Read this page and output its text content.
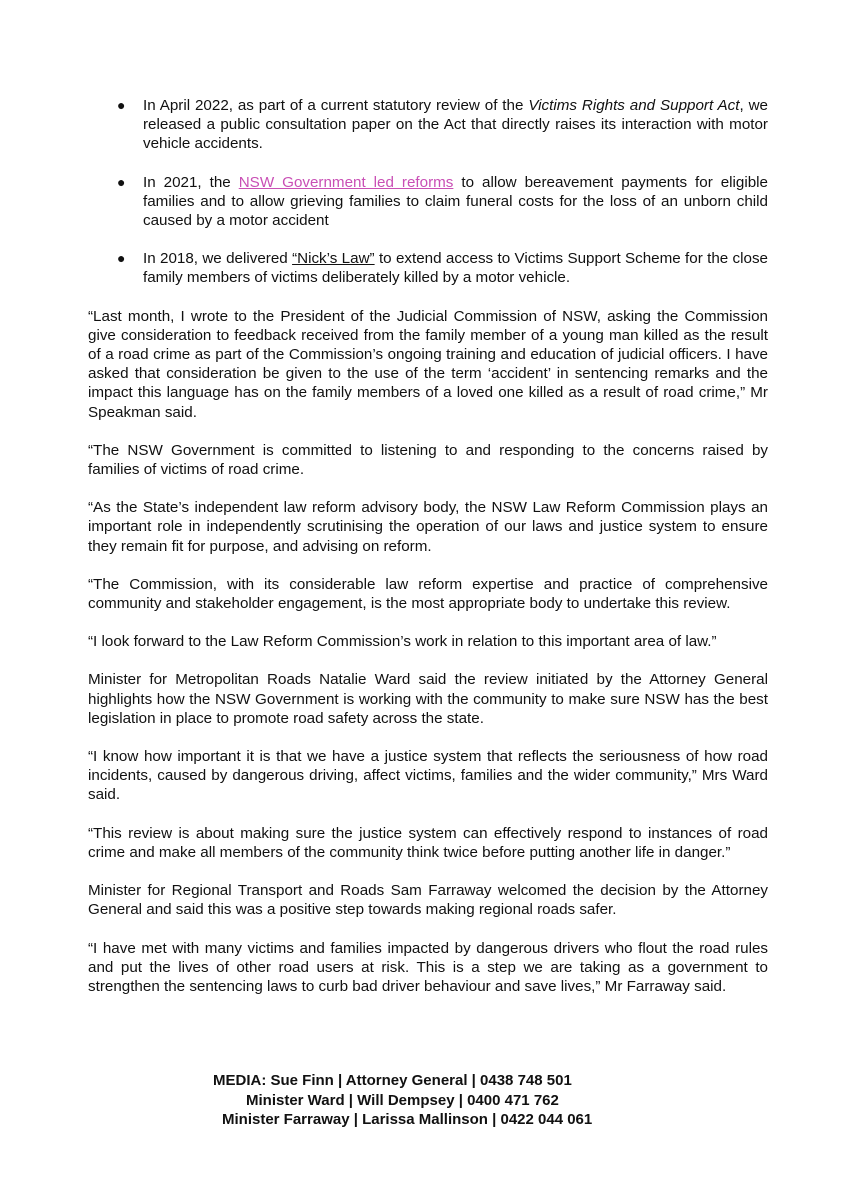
● In April 2022, as part of a current statutory review of the Victims Rights and Support Act, we released a public consultation paper on the Act that directly raises its interaction with motor vehicle accidents.
● In 2021, the NSW Government led reforms to allow bereavement payments for eligible families and to allow grieving families to claim funeral costs for the loss of an unborn child caused by a motor accident
● In 2018, we delivered “Nick’s Law” to extend access to Victims Support Scheme for the close family members of victims deliberately killed by a motor vehicle.

“Last month, I wrote to the President of the Judicial Commission of NSW, asking the Commission give consideration to feedback received from the family member of a young man killed as the result of a road crime as part of the Commission’s ongoing training and education of judicial officers. I have asked that consideration be given to the use of the term ‘accident’ in sentencing remarks and the impact this language has on the family members of a loved one killed as a result of road crime,” Mr Speakman said.

“The NSW Government is committed to listening to and responding to the concerns raised by families of victims of road crime.

“As the State’s independent law reform advisory body, the NSW Law Reform Commission plays an important role in independently scrutinising the operation of our laws and justice system to ensure they remain fit for purpose, and advising on reform.

“The Commission, with its considerable law reform expertise and practice of comprehensive community and stakeholder engagement, is the most appropriate body to undertake this review.

“I look forward to the Law Reform Commission’s work in relation to this important area of law.”

Minister for Metropolitan Roads Natalie Ward said the review initiated by the Attorney General highlights how the NSW Government is working with the community to make sure NSW has the best legislation in place to promote road safety across the state.

“I know how important it is that we have a justice system that reflects the seriousness of how road incidents, caused by dangerous driving, affect victims, families and the wider community,” Mrs Ward said.

“This review is about making sure the justice system can effectively respond to instances of road crime and make all members of the community think twice before putting another life in danger.”

Minister for Regional Transport and Roads Sam Farraway welcomed the decision by the Attorney General and said this was a positive step towards making regional roads safer.

“I have met with many victims and families impacted by dangerous drivers who flout the road rules and put the lives of other road users at risk. This is a step we are taking as a government to strengthen the sentencing laws to curb bad driver behaviour and save lives,” Mr Farraway said.

MEDIA: Sue Finn | Attorney General | 0438 748 501
Minister Ward | Will Dempsey | 0400 471 762
Minister Farraway | Larissa Mallinson | 0422 044 061
